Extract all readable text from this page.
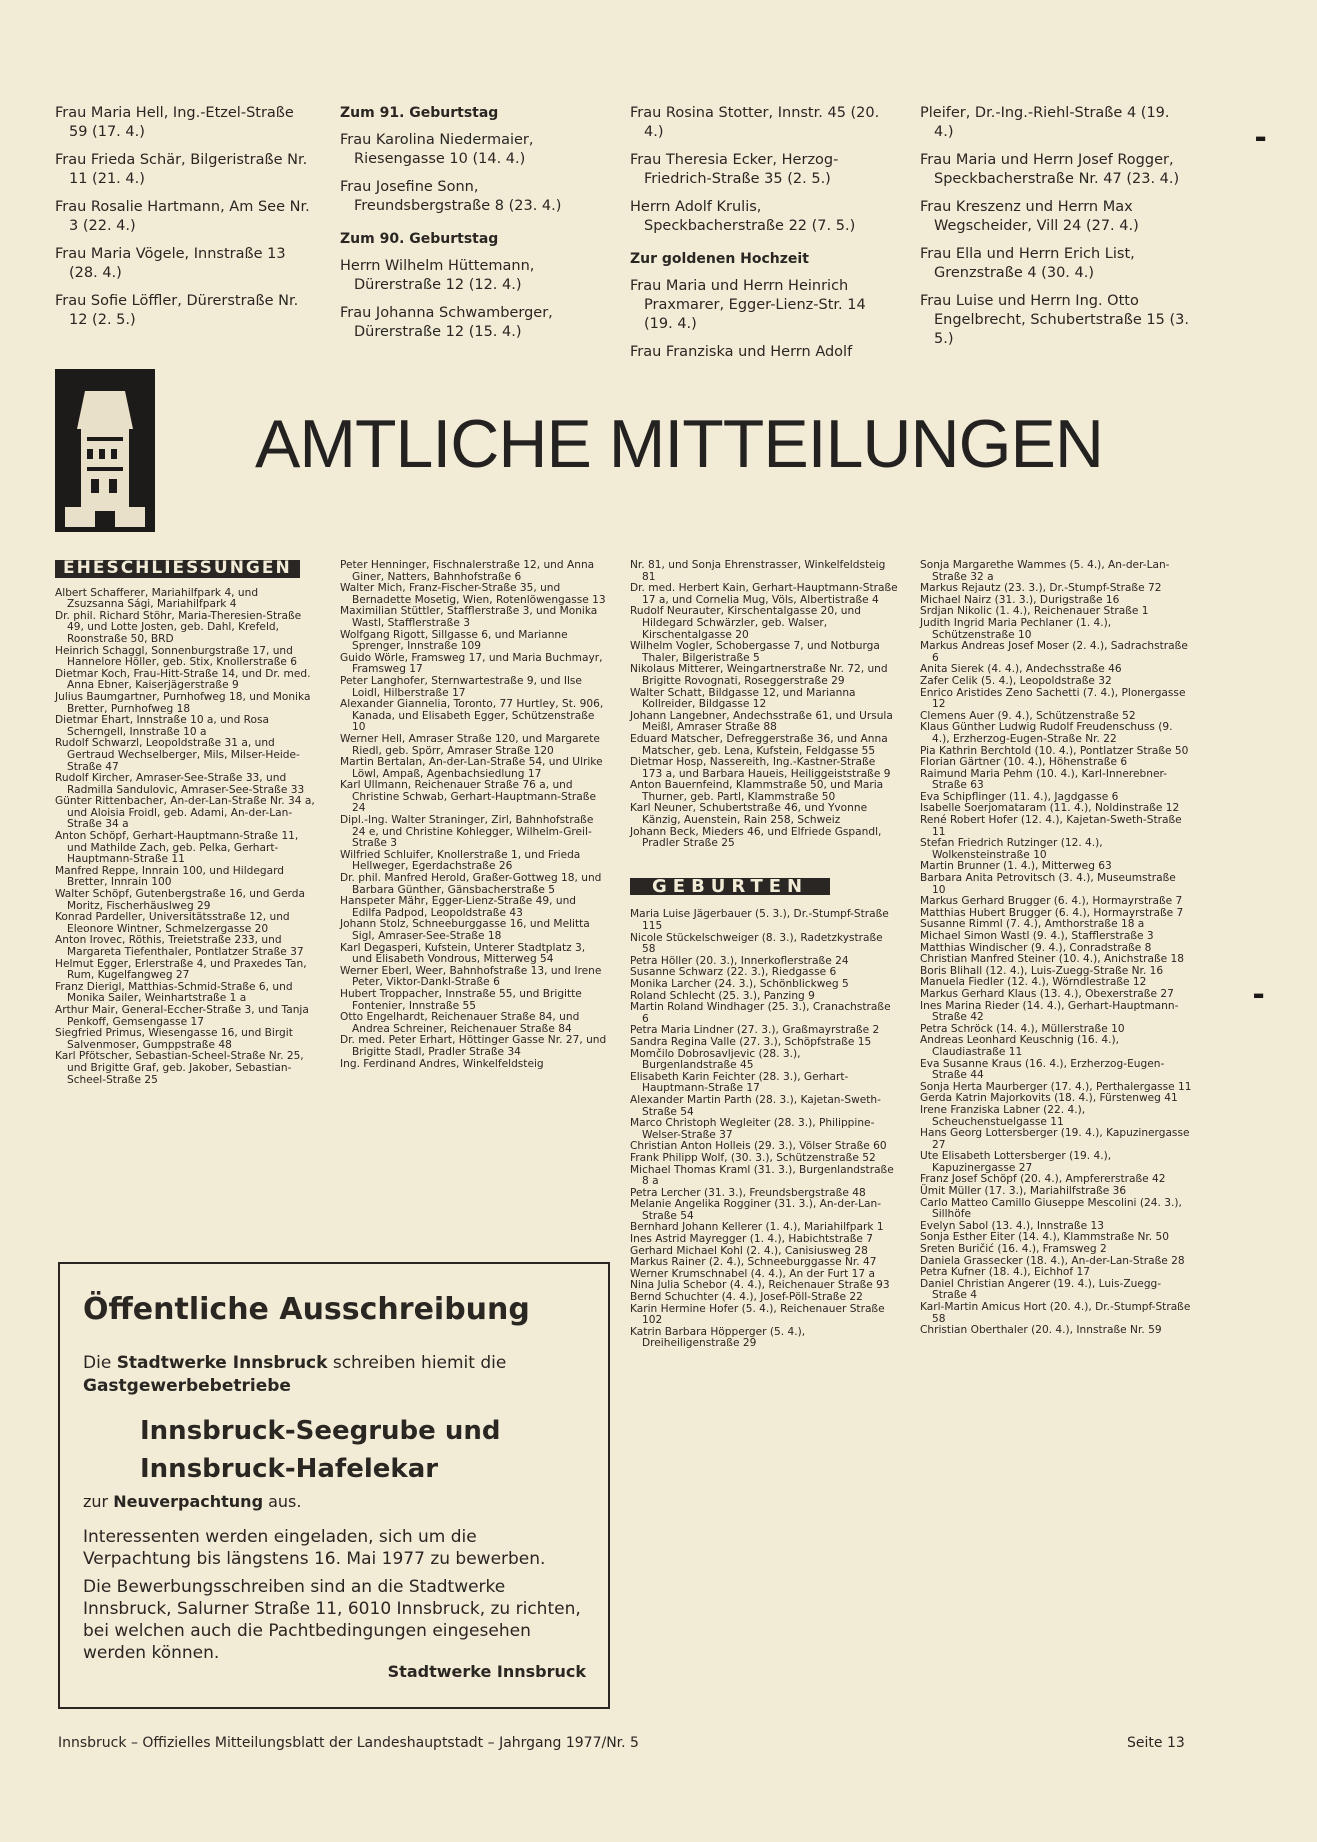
Frau Maria Hell, Ing.-Etzel-Straße 59 (17. 4.)

Frau Frieda Schär, Bilgeristraße Nr. 11 (21. 4.)

Frau Rosalie Hartmann, Am See Nr. 3 (22. 4.)

Frau Maria Vögele, Innstraße 13 (28. 4.)

Frau Sofie Löffler, Dürerstraße Nr. 12 (2. 5.)

Zum 91. Geburtstag

Frau Karolina Niedermaier, Riesengasse 10 (14. 4.)

Frau Josefine Sonn, Freundsbergstraße 8 (23. 4.)

Zum 90. Geburtstag

Herrn Wilhelm Hüttemann, Dürerstraße 12 (12. 4.)

Frau Johanna Schwamberger, Dürerstraße 12 (15. 4.)

Frau Rosina Stotter, Innstr. 45 (20. 4.)

Frau Theresia Ecker, Herzog-Friedrich-Straße 35 (2. 5.)

Herrn Adolf Krulis, Speckbacherstraße 22 (7. 5.)

Zur goldenen Hochzeit

Frau Maria und Herrn Heinrich Praxmarer, Egger-Lienz-Str. 14 (19. 4.)

Frau Franziska und Herrn Adolf

Pleifer, Dr.-Ing.-Riehl-Straße 4 (19. 4.)

Frau Maria und Herrn Josef Rogger, Speckbacherstraße Nr. 47 (23. 4.)

Frau Kreszenz und Herrn Max Wegscheider, Vill 24 (27. 4.)

Frau Ella und Herrn Erich List, Grenzstraße 4 (30. 4.)

Frau Luise und Herrn Ing. Otto Engelbrecht, Schubertstraße 15 (3. 5.)

AMTLICHE MITTEILUNGEN
EHESCHLIESSUNGEN
Albert Schafferer, Mariahilfpark 4, und Zsuzsanna Sági, Mariahilfpark 4
Dr. phil. Richard Stöhr, Maria-Theresien-Straße 49, und Lotte Josten, geb. Dahl, Krefeld, Roonstraße 50, BRD
Heinrich Schaggl, Sonnenburgstraße 17, und Hannelore Höller, geb. Stix, Knollerstraße 6
Dietmar Koch, Frau-Hitt-Straße 14, und Dr. med. Anna Ebner, Kaiserjägerstraße 9
Julius Baumgartner, Purnhofweg 18, und Monika Bretter, Purnhofweg 18
Dietmar Ehart, Innstraße 10 a, und Rosa Scherngell, Innstraße 10 a
Rudolf Schwarzl, Leopoldstraße 31 a, und Gertraud Wechselberger, Mils, Milser-Heide-Straße 47
Rudolf Kircher, Amraser-See-Straße 33, und Radmilla Sandulovic, Amraser-See-Straße 33
Günter Rittenbacher, An-der-Lan-Straße Nr. 34 a, und Aloisia Froidl, geb. Adami, An-der-Lan-Straße 34 a
Anton Schöpf, Gerhart-Hauptmann-Straße 11, und Mathilde Zach, geb. Pelka, Gerhart-Hauptmann-Straße 11
Manfred Reppe, Innrain 100, und Hildegard Bretter, Innrain 100
Walter Schöpf, Gutenbergstraße 16, und Gerda Moritz, Fischerhäuslweg 29
Konrad Pardeller, Universitätsstraße 12, und Eleonore Wintner, Schmelzergasse 20
Anton Irovec, Röthis, Treietstraße 233, und Margareta Tiefenthaler, Pontlatzer Straße 37
Helmut Egger, Erlerstraße 4, und Praxedes Tan, Rum, Kugelfangweg 27
Franz Dierigl, Matthias-Schmid-Straße 6, und Monika Sailer, Weinhartstraße 1 a
Arthur Mair, General-Eccher-Straße 3, und Tanja Penkoff, Gemsengasse 17
Siegfried Primus, Wiesengasse 16, und Birgit Salvenmoser, Gumppstraße 48
Karl Pfötscher, Sebastian-Scheel-Straße Nr. 25, und Brigitte Graf, geb. Jakober, Sebastian-Scheel-Straße 25
Peter Henninger, Fischnalerstraße 12, und Anna Giner, Natters, Bahnhofstraße 6
Walter Mich, Franz-Fischer-Straße 35, und Bernadette Mosetig, Wien, Rotenlöwengasse 13
Maximilian Stüttler, Stafflerstraße 3, und Monika Wastl, Stafflerstraße 3
Wolfgang Rigott, Sillgasse 6, und Marianne Sprenger, Innstraße 109
Guido Wörle, Framsweg 17, und Maria Buchmayr, Framsweg 17
Peter Langhofer, Sternwartestraße 9, und Ilse Loidl, Hilberstraße 17
Alexander Giannelia, Toronto, 77 Hurtley, St. 906, Kanada, und Elisabeth Egger, Schützenstraße 10
Werner Hell, Amraser Straße 120, und Margarete Riedl, geb. Spörr, Amraser Straße 120
Martin Bertalan, An-der-Lan-Straße 54, und Ulrike Löwl, Ampaß, Agenbachsiedlung 17
Karl Ullmann, Reichenauer Straße 76 a, und Christine Schwab, Gerhart-Hauptmann-Straße 24
Dipl.-Ing. Walter Straninger, Zirl, Bahnhofstraße 24 e, und Christine Kohlegger, Wilhelm-Greil-Straße 3
Wilfried Schluifer, Knollerstraße 1, und Frieda Hellweger, Egerdachstraße 26
Dr. phil. Manfred Herold, Graßer-Gottweg 18, und Barbara Günther, Gänsbacherstraße 5
Hanspeter Mähr, Egger-Lienz-Straße 49, und Edilfa Padpod, Leopoldstraße 43
Johann Stolz, Schneeburggasse 16, und Melitta Sigl, Amraser-See-Straße 18
Karl Degasperi, Kufstein, Unterer Stadtplatz 3, und Elisabeth Vondrous, Mitterweg 54
Werner Eberl, Weer, Bahnhofstraße 13, und Irene Peter, Viktor-Dankl-Straße 6
Hubert Troppacher, Innstraße 55, und Brigitte Fontenier, Innstraße 55
Otto Engelhardt, Reichenauer Straße 84, und Andrea Schreiner, Reichenauer Straße 84
Dr. med. Peter Erhart, Höttinger Gasse Nr. 27, und Brigitte Stadl, Pradler Straße 34
Ing. Ferdinand Andres, Winkelfeldsteig
Nr. 81, und Sonja Ehrenstrasser, Winkelfeldsteig 81
Dr. med. Herbert Kain, Gerhart-Hauptmann-Straße 17 a, und Cornelia Mug, Völs, Albertistraße 4
Rudolf Neurauter, Kirschentalgasse 20, und Hildegard Schwärzler, geb. Walser, Kirschentalgasse 20
Wilhelm Vogler, Schobergasse 7, und Notburga Thaler, Bilgeristraße 5
Nikolaus Mitterer, Weingartnerstraße Nr. 72, und Brigitte Rovognati, Roseggerstraße 29
Walter Schatt, Bildgasse 12, und Marianna Kollreider, Bildgasse 12
Johann Langebner, Andechsstraße 61, und Ursula Meißl, Amraser Straße 88
Eduard Matscher, Defreggerstraße 36, und Anna Matscher, geb. Lena, Kufstein, Feldgasse 55
Dietmar Hosp, Nassereith, Ing.-Kastner-Straße 173 a, und Barbara Haueis, Heiliggeiststraße 9
Anton Bauernfeind, Klammstraße 50, und Maria Thurner, geb. Partl, Klammstraße 50
Karl Neuner, Schubertstraße 46, und Yvonne Känzig, Auenstein, Rain 258, Schweiz
Johann Beck, Mieders 46, und Elfriede Gspandl, Pradler Straße 25
GEBURTEN
Maria Luise Jägerbauer (5. 3.), Dr.-Stumpf-Straße 115
Nicole Stückelschweiger (8. 3.), Radetzkystraße 58
Petra Höller (20. 3.), Innerkoflerstraße 24
Susanne Schwarz (22. 3.), Riedgasse 6
Monika Larcher (24. 3.), Schönblickweg 5
Roland Schlecht (25. 3.), Panzing 9
Martin Roland Windhager (25. 3.), Cranachstraße 6
Petra Maria Lindner (27. 3.), Graßmayrstraße 2
Sandra Regina Valle (27. 3.), Schöpfstraße 15
Momčilo Dobrosavljevic (28. 3.), Burgenlandstraße 45
Elisabeth Karin Feichter (28. 3.), Gerhart-Hauptmann-Straße 17
Alexander Martin Parth (28. 3.), Kajetan-Sweth-Straße 54
Marco Christoph Wegleiter (28. 3.), Philippine-Welser-Straße 37
Christian Anton Holleis (29. 3.), Völser Straße 60
Frank Philipp Wolf, (30. 3.), Schützenstraße 52
Michael Thomas Kraml (31. 3.), Burgenlandstraße 8 a
Petra Lercher (31. 3.), Freundsbergstraße 48
Melanie Angelika Rogginer (31. 3.), An-der-Lan-Straße 54
Bernhard Johann Kellerer (1. 4.), Mariahilfpark 1
Ines Astrid Mayregger (1. 4.), Habichtstraße 7
Gerhard Michael Kohl (2. 4.), Canisiusweg 28
Markus Rainer (2. 4.), Schneeburggasse Nr. 47
Werner Krumschnabel (4. 4.), An der Furt 17 a
Nina Julia Schebor (4. 4.), Reichenauer Straße 93
Bernd Schuchter (4. 4.), Josef-Pöll-Straße 22
Karin Hermine Hofer (5. 4.), Reichenauer Straße 102
Katrin Barbara Höpperger (5. 4.), Dreiheiligenstraße 29
Sonja Margarethe Wammes (5. 4.), An-der-Lan-Straße 32 a
Markus Rejautz (23. 3.), Dr.-Stumpf-Straße 72
Michael Nairz (31. 3.), Durigstraße 16
Srdjan Nikolic (1. 4.), Reichenauer Straße 1
Judith Ingrid Maria Pechlaner (1. 4.), Schützenstraße 10
Markus Andreas Josef Moser (2. 4.), Sadrachstraße 6
Anita Sierek (4. 4.), Andechsstraße 46
Zafer Celik (5. 4.), Leopoldstraße 32
Enrico Aristides Zeno Sachetti (7. 4.), Plonergasse 12
Clemens Auer (9. 4.), Schützenstraße 52
Klaus Günther Ludwig Rudolf Freudenschuss (9. 4.), Erzherzog-Eugen-Straße Nr. 22
Pia Kathrin Berchtold (10. 4.), Pontlatzer Straße 50
Florian Gärtner (10. 4.), Höhenstraße 6
Raimund Maria Pehm (10. 4.), Karl-Innerebner-Straße 63
Eva Schipflinger (11. 4.), Jagdgasse 6
Isabelle Soerjomataram (11. 4.), Noldinstraße 12
René Robert Hofer (12. 4.), Kajetan-Sweth-Straße 11
Stefan Friedrich Rutzinger (12. 4.), Wolkensteinstraße 10
Martin Brunner (1. 4.), Mitterweg 63
Barbara Anita Petrovitsch (3. 4.), Museumstraße 10
Markus Gerhard Brugger (6. 4.), Hormayrstraße 7
Matthias Hubert Brugger (6. 4.), Hormayrstraße 7
Susanne Rimml (7. 4.), Amthorstraße 18 a
Michael Simon Wastl (9. 4.), Stafflerstraße 3
Matthias Windischer (9. 4.), Conradstraße 8
Christian Manfred Steiner (10. 4.), Anichstraße 18
Boris Blihall (12. 4.), Luis-Zuegg-Straße Nr. 16
Manuela Fiedler (12. 4.), Wörndlestraße 12
Markus Gerhard Klaus (13. 4.), Obexerstraße 27
Ines Marina Rieder (14. 4.), Gerhart-Hauptmann-Straße 42
Petra Schröck (14. 4.), Müllerstraße 10
Andreas Leonhard Keuschnig (16. 4.), Claudiastraße 11
Eva Susanne Kraus (16. 4.), Erzherzog-Eugen-Straße 44
Sonja Herta Maurberger (17. 4.), Perthalergasse 11
Gerda Katrin Majorkovits (18. 4.), Fürstenweg 41
Irene Franziska Labner (22. 4.), Scheuchenstuelgasse 11
Hans Georg Lottersberger (19. 4.), Kapuzinergasse 27
Ute Elisabeth Lottersberger (19. 4.), Kapuzinergasse 27
Franz Josef Schöpf (20. 4.), Ampfererstraße 42
Ümit Müller (17. 3.), Mariahilfstraße 36
Carlo Matteo Camillo Giuseppe Mescolini (24. 3.), Sillhöfe
Evelyn Sabol (13. 4.), Innstraße 13
Sonja Esther Eiter (14. 4.), Klammstraße Nr. 50
Sreten Buričić (16. 4.), Framsweg 2
Daniela Grassecker (18. 4.), An-der-Lan-Straße 28
Petra Kufner (18. 4.), Eichhof 17
Daniel Christian Angerer (19. 4.), Luis-Zuegg-Straße 4
Karl-Martin Amicus Hort (20. 4.), Dr.-Stumpf-Straße 58
Christian Oberthaler (20. 4.), Innstraße Nr. 59
Öffentliche Ausschreibung
Die Stadtwerke Innsbruck schreiben hiemit die Gastgewerbebetriebe
Innsbruck-Seegrube und
Innsbruck-Hafelekar
zur Neuverpachtung aus.
Interessenten werden eingeladen, sich um die Verpachtung bis längstens 16. Mai 1977 zu bewerben.
Die Bewerbungsschreiben sind an die Stadtwerke Innsbruck, Salurner Straße 11, 6010 Innsbruck, zu richten, bei welchen auch die Pachtbedingungen eingesehen werden können.
Stadtwerke Innsbruck
Innsbruck – Offizielles Mitteilungsblatt der Landeshauptstadt – Jahrgang 1977/Nr. 5	Seite 13
▬
▬
